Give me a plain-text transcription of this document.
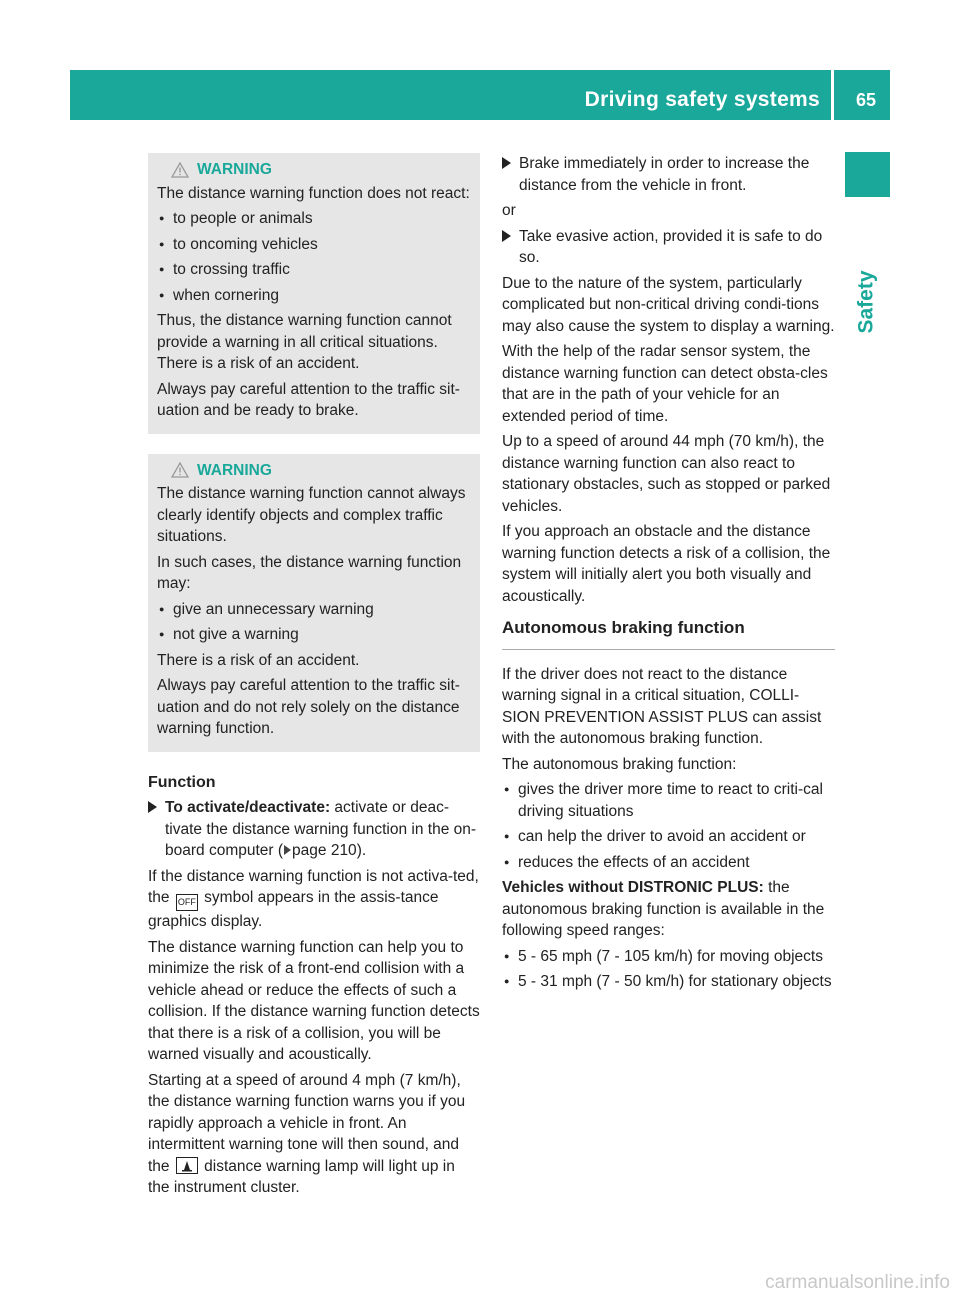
Driving safety systems 65
Safety
WARNING

The distance warning function does not react:

● to people or animals
● to oncoming vehicles
● to crossing traffic
● when cornering

Thus, the distance warning function cannot provide a warning in all critical situations. There is a risk of an accident.

Always pay careful attention to the traffic sit-uation and be ready to brake.

WARNING

The distance warning function cannot always clearly identify objects and complex traffic situations.

In such cases, the distance warning function may:

● give an unnecessary warning
● not give a warning

There is a risk of an accident.

Always pay careful attention to the traffic sit-uation and do not rely solely on the distance warning function.

Function
To activate/deactivate: activate or deac-tivate the distance warning function in the on-board computer ( page 210).

If the distance warning function is not activa-ted, the OFF symbol appears in the assis-tance graphics display.

The distance warning function can help you to minimize the risk of a front-end collision with a vehicle ahead or reduce the effects of such a collision. If the distance warning function detects that there is a risk of a collision, you will be warned visually and acoustically.

Starting at a speed of around 4 mph (7 km/h), the distance warning function warns you if you rapidly approach a vehicle in front. An intermittent warning tone will then sound, and the  distance warning lamp will light up in the instrument cluster.

Brake immediately in order to increase the distance from the vehicle in front.

or

Take evasive action, provided it is safe to do so.

Due to the nature of the system, particularly complicated but non-critical driving condi-tions may also cause the system to display a warning.

With the help of the radar sensor system, the distance warning function can detect obsta-cles that are in the path of your vehicle for an extended period of time.

Up to a speed of around 44 mph (70 km/h), the distance warning function can also react to stationary obstacles, such as stopped or parked vehicles.

If you approach an obstacle and the distance warning function detects a risk of a collision, the system will initially alert you both visually and acoustically.

Autonomous braking function

If the driver does not react to the distance warning signal in a critical situation, COLLI-SION PREVENTION ASSIST PLUS can assist with the autonomous braking function.

The autonomous braking function:

● gives the driver more time to react to criti-cal driving situations
● can help the driver to avoid an accident or
● reduces the effects of an accident

Vehicles without DISTRONIC PLUS: the autonomous braking function is available in the following speed ranges:

● 5 - 65 mph (7 - 105 km/h) for moving objects
● 5 - 31 mph (7 - 50 km/h) for stationary objects
carmanualsonline.info
